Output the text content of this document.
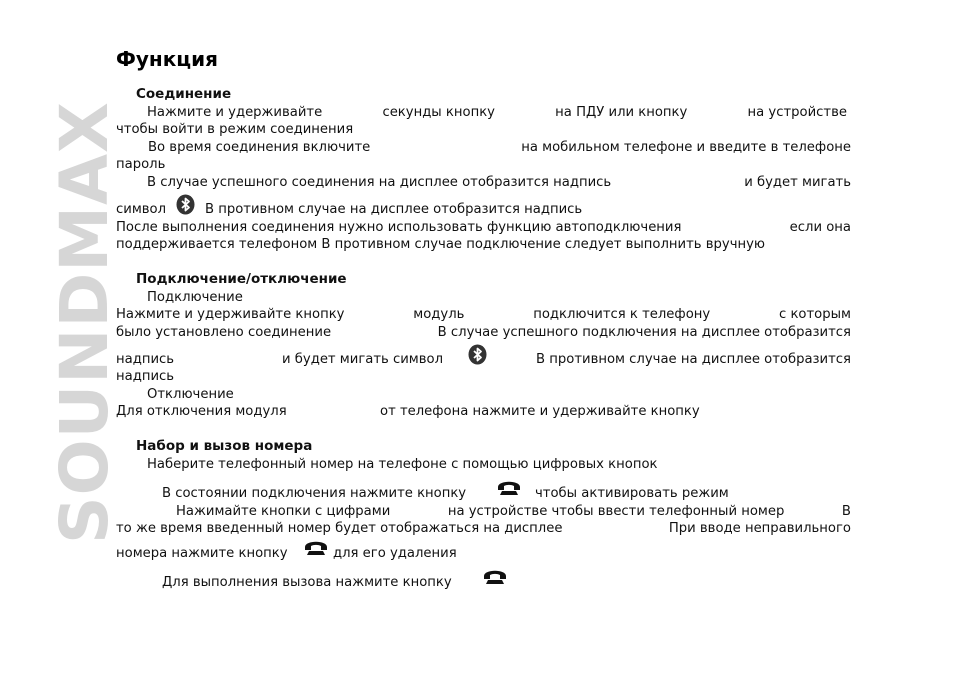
SOUNDMAX
Функция
Соединение
Нажмите и удерживайте	секунды кнопку	на ПДУ или кнопку	на устройстве
чтобы войти в режим соединения
Во время соединения включите	на мобильном телефоне и введите в телефоне
пароль
В случае успешного соединения на дисплее отобразится надпись	и будет мигать
символ	В противном случае на дисплее отобразится надпись
После выполнения соединения нужно использовать функцию автоподключения	если она
поддерживается телефоном В противном случае подключение следует выполнить вручную
Подключение/отключение
Подключение
Нажмите и удерживайте кнопку	модуль	подключится к телефону	с которым
было установлено соединение	В случае успешного подключения на дисплее отобразится
надпись	и будет мигать символ	В противном случае на дисплее отобразится
надпись
Отключение
Для отключения модуля	от телефона нажмите и удерживайте кнопку
Набор и вызов номера
Наберите телефонный номер на телефоне с помощью цифровых кнопок
В состоянии подключения нажмите кнопку	чтобы активировать режим
Нажимайте кнопки с цифрами	на устройстве чтобы ввести телефонный номер	В
то же время введенный номер будет отображаться на дисплее	При вводе неправильного
номера нажмите кнопку	для его удаления
Для выполнения вызова нажмите кнопку
